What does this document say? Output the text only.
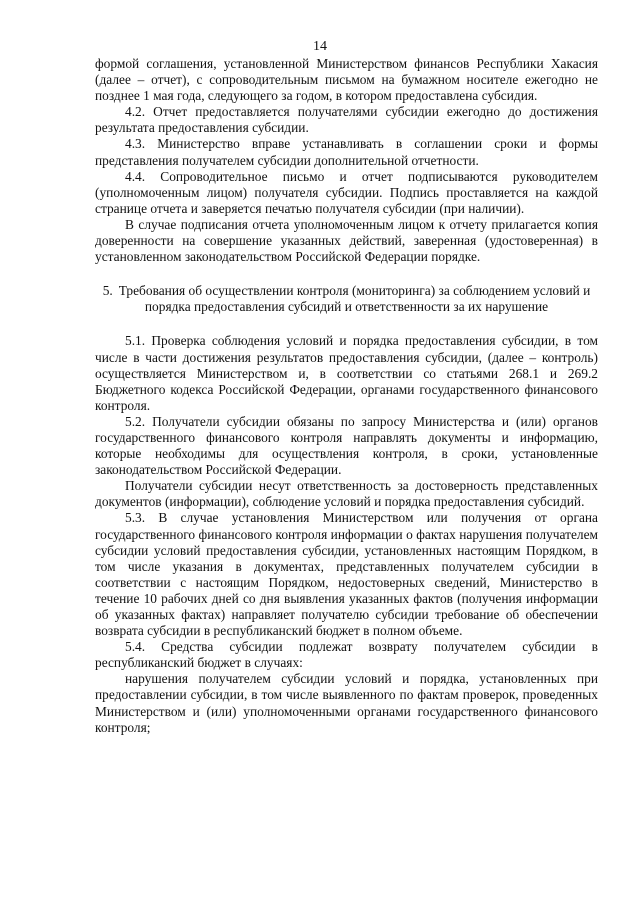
14

формой соглашения, установленной Министерством финансов Республики Хакасия (далее – отчет), с сопроводительным письмом на бумажном носителе ежегодно не позднее 1 мая года, следующего за годом, в котором предоставлена субсидия.

4.2. Отчет предоставляется получателями субсидии ежегодно до достижения результата предоставления субсидии.

4.3. Министерство вправе устанавливать в соглашении сроки и формы представления получателем субсидии дополнительной отчетности.

4.4. Сопроводительное письмо и отчет подписываются руководителем (уполномоченным лицом) получателя субсидии. Подпись проставляется на каждой странице отчета и заверяется печатью получателя субсидии (при наличии).

В случае подписания отчета уполномоченным лицом к отчету прилагается копия доверенности на совершение указанных действий, заверенная (удостоверенная) в установленном законодательством Российской Федерации порядке.

5. Требования об осуществлении контроля (мониторинга) за соблюдением условий и порядка предоставления субсидий и ответственности за их нарушение

5.1. Проверка соблюдения условий и порядка предоставления субсидии, в том числе в части достижения результатов предоставления субсидии, (далее – контроль) осуществляется Министерством и, в соответствии со статьями 268.1 и 269.2 Бюджетного кодекса Российской Федерации, органами государственного финансового контроля.

5.2. Получатели субсидии обязаны по запросу Министерства и (или) органов государственного финансового контроля направлять документы и информацию, которые необходимы для осуществления контроля, в сроки, установленные законодательством Российской Федерации.

Получатели субсидии несут ответственность за достоверность представленных документов (информации), соблюдение условий и порядка предоставления субсидий.

5.3. В случае установления Министерством или получения от органа государственного финансового контроля информации о фактах нарушения получателем субсидии условий предоставления субсидии, установленных настоящим Порядком, в том числе указания в документах, представленных получателем субсидии в соответствии с настоящим Порядком, недостоверных сведений, Министерство в течение 10 рабочих дней со дня выявления указанных фактов (получения информации об указанных фактах) направляет получателю субсидии требование об обеспечении возврата субсидии в республиканский бюджет в полном объеме.

5.4. Средства субсидии подлежат возврату получателем субсидии в республиканский бюджет в случаях:

нарушения получателем субсидии условий и порядка, установленных при предоставлении субсидии, в том числе выявленного по фактам проверок, проведенных Министерством и (или) уполномоченными органами государственного финансового контроля;
